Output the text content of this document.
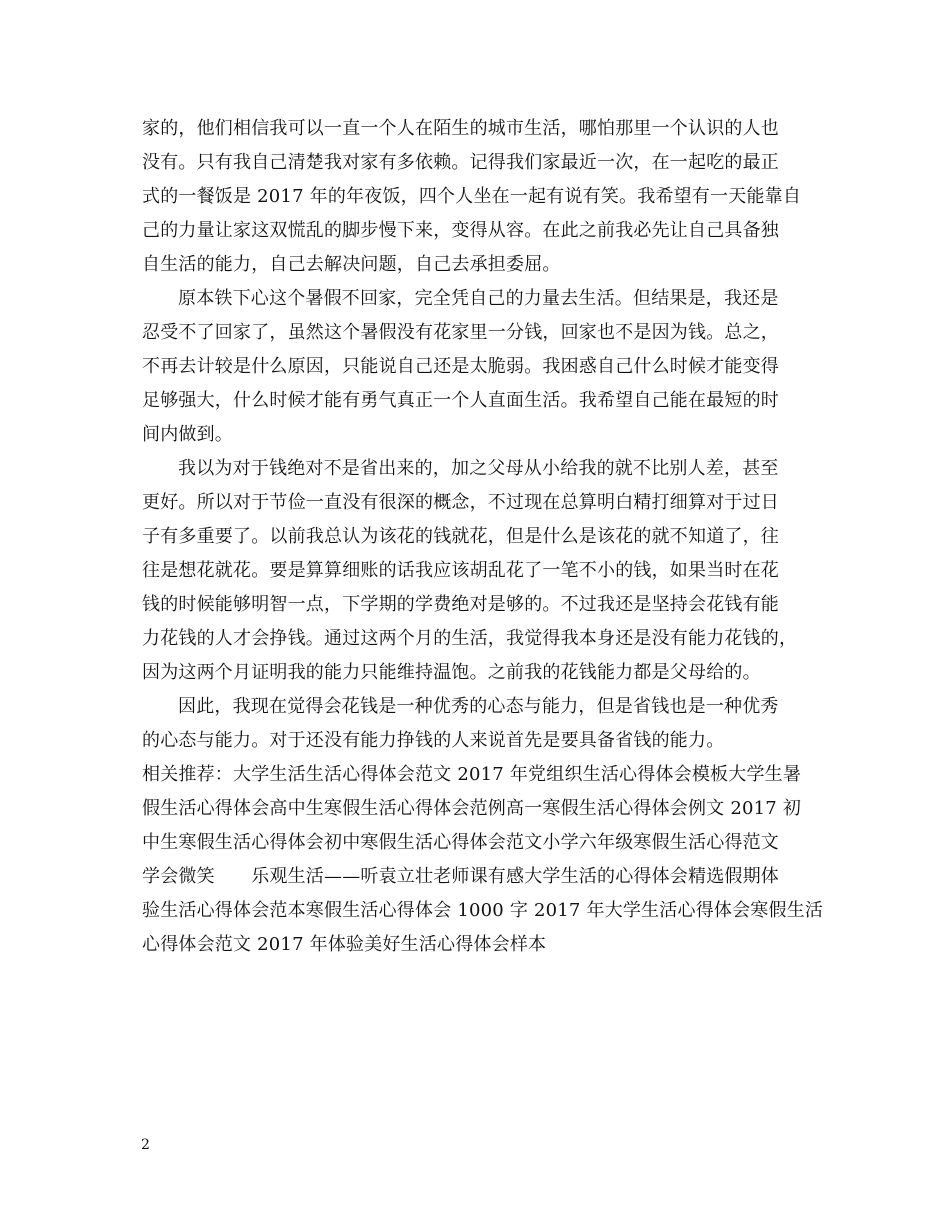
家的，他们相信我可以一直一个人在陌生的城市生活，哪怕那里一个认识的人也
没有。只有我自己清楚我对家有多依赖。记得我们家最近一次，在一起吃的最正
式的一餐饭是 2017 年的年夜饭，四个人坐在一起有说有笑。我希望有一天能靠自
己的力量让家这双慌乱的脚步慢下来，变得从容。在此之前我必先让自己具备独
自生活的能力，自己去解决问题，自己去承担委屈。
原本铁下心这个暑假不回家，完全凭自己的力量去生活。但结果是，我还是
忍受不了回家了，虽然这个暑假没有花家里一分钱，回家也不是因为钱。总之，
不再去计较是什么原因，只能说自己还是太脆弱。我困惑自己什么时候才能变得
足够强大，什么时候才能有勇气真正一个人直面生活。我希望自己能在最短的时
间内做到。
我以为对于钱绝对不是省出来的，加之父母从小给我的就不比别人差，甚至
更好。所以对于节俭一直没有很深的概念，不过现在总算明白精打细算对于过日
子有多重要了。以前我总认为该花的钱就花，但是什么是该花的就不知道了，往
往是想花就花。要是算算细账的话我应该胡乱花了一笔不小的钱，如果当时在花
钱的时候能够明智一点，下学期的学费绝对是够的。不过我还是坚持会花钱有能
力花钱的人才会挣钱。通过这两个月的生活，我觉得我本身还是没有能力花钱的，
因为这两个月证明我的能力只能维持温饱。之前我的花钱能力都是父母给的。
因此，我现在觉得会花钱是一种优秀的心态与能力，但是省钱也是一种优秀
的心态与能力。对于还没有能力挣钱的人来说首先是要具备省钱的能力。
相关推荐：大学生活生活心得体会范文 2017 年党组织生活心得体会模板大学生暑
假生活心得体会高中生寒假生活心得体会范例高一寒假生活心得体会例文 2017 初
中生寒假生活心得体会初中寒假生活心得体会范文小学六年级寒假生活心得范文
学会微笑　　乐观生活——听袁立壮老师课有感大学生活的心得体会精选假期体
验生活心得体会范本寒假生活心得体会 1000 字 2017 年大学生活心得体会寒假生活
心得体会范文 2017 年体验美好生活心得体会样本
2
